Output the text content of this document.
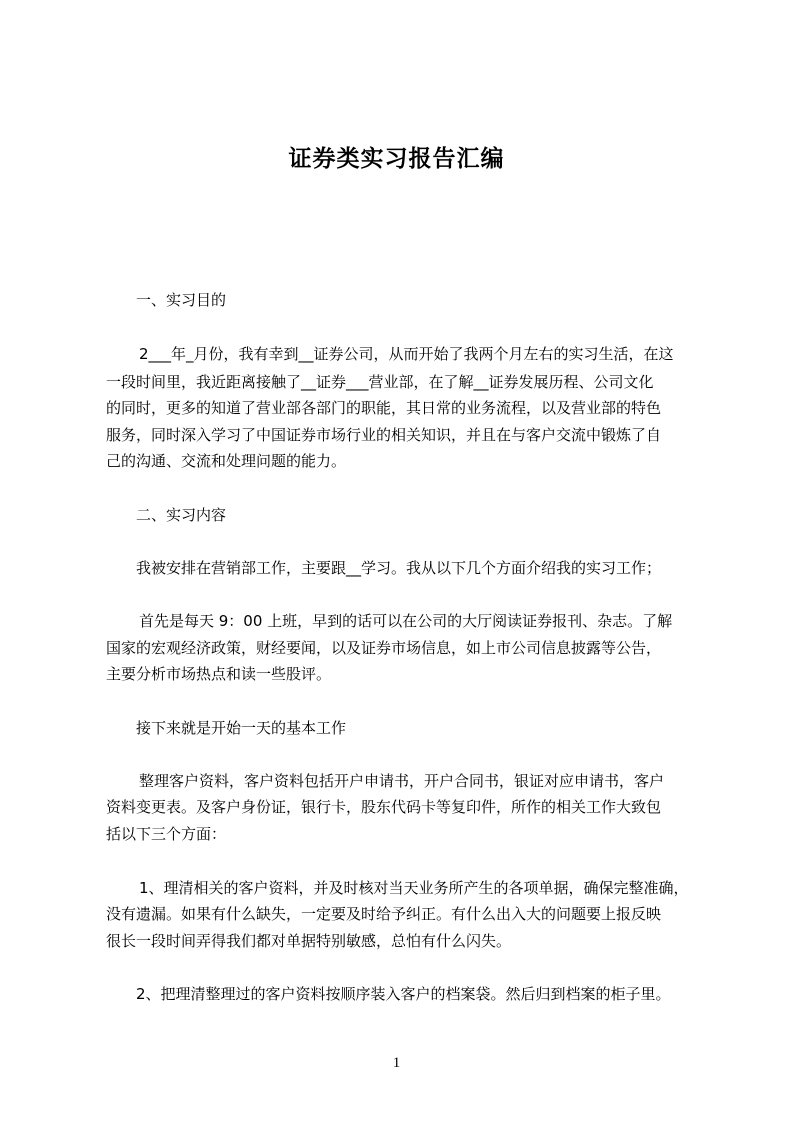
证券类实习报告汇编

一、实习目的

2___年_月份，我有幸到__证券公司，从而开始了我两个月左右的实习生活，在这

一段时间里，我近距离接触了__证券___营业部，在了解__证券发展历程、公司文化

的同时，更多的知道了营业部各部门的职能，其日常的业务流程，以及营业部的特色

服务，同时深入学习了中国证券市场行业的相关知识，并且在与客户交流中锻炼了自

己的沟通、交流和处理问题的能力。

二、实习内容

我被安排在营销部工作，主要跟__学习。我从以下几个方面介绍我的实习工作；

首先是每天 9：00 上班，早到的话可以在公司的大厅阅读证券报刊、杂志。了解

国家的宏观经济政策，财经要闻，以及证券市场信息，如上市公司信息披露等公告，

主要分析市场热点和读一些股评。

接下来就是开始一天的基本工作

整理客户资料，客户资料包括开户申请书，开户合同书，银证对应申请书，客户

资料变更表。及客户身份证，银行卡，股东代码卡等复印件，所作的相关工作大致包

括以下三个方面：

1、理清相关的客户资料，并及时核对当天业务所产生的各项单据，确保完整准确，

没有遗漏。如果有什么缺失，一定要及时给予纠正。有什么出入大的问题要上报反映

很长一段时间弄得我们都对单据特别敏感，总怕有什么闪失。

2、把理清整理过的客户资料按顺序装入客户的档案袋。然后归到档案的柜子里。

1
